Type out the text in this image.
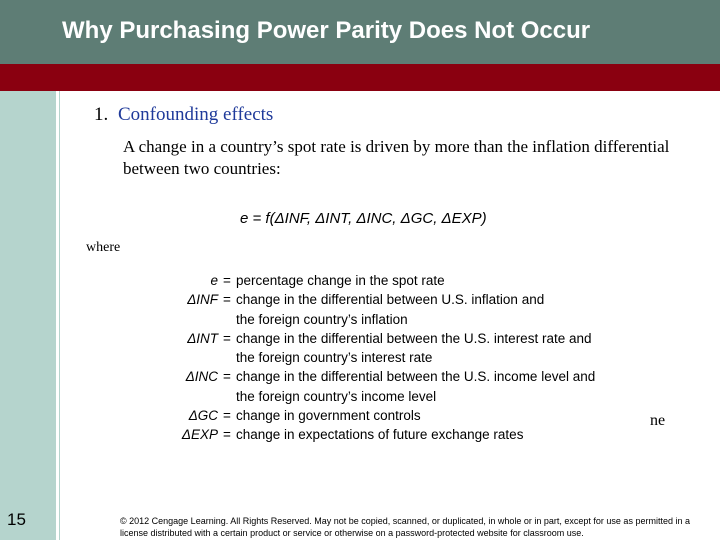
Why Purchasing Power Parity Does Not Occur
1. Confounding effects
A change in a country’s spot rate is driven by more than the inflation differential between two countries:
e = f(ΔINF, ΔINT, ΔINC, ΔGC, ΔEXP)
where
e = percentage change in the spot rate
ΔINF = change in the differential between U.S. inflation and
the foreign country’s inflation
ΔINT = change in the differential between the U.S. interest rate and
the foreign country’s interest rate
ΔINC = change in the differential between the U.S. income level and
the foreign country’s income level
ΔGC = change in government controls
ΔEXP = change in expectations of future exchange rates
ne
15	© 2012 Cengage Learning. All Rights Reserved. May not be copied, scanned, or duplicated, in whole or in part, except for use as permitted in a license distributed with a certain product or service or otherwise on a password-protected website for classroom use.
